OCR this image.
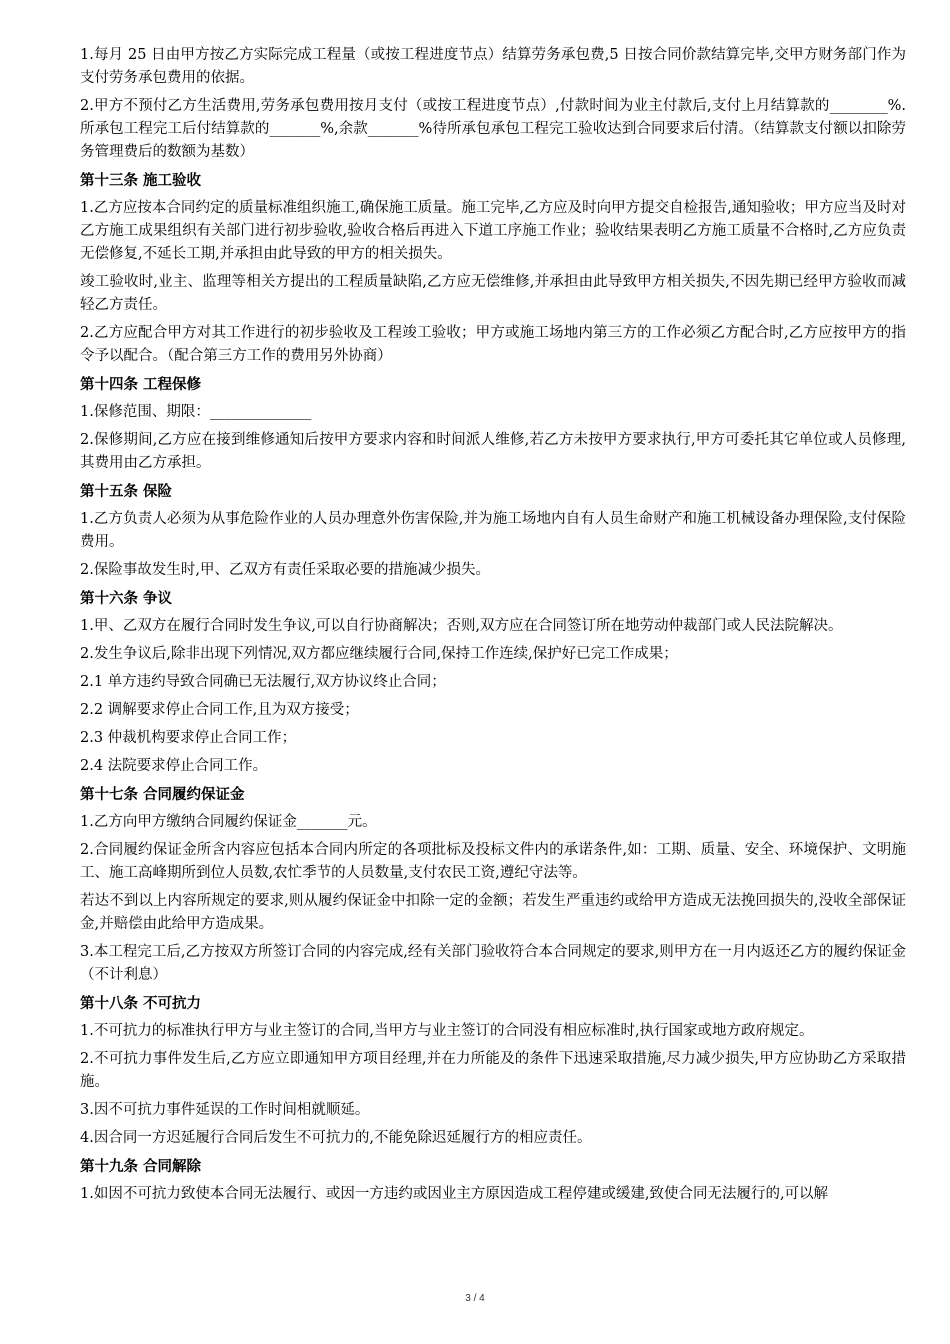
1.每月 25 日由甲方按乙方实际完成工程量（或按工程进度节点）结算劳务承包费,5 日按合同价款结算完毕,交甲方财务部门作为支付劳务承包费用的依据。
2.甲方不预付乙方生活费用,劳务承包费用按月支付（或按工程进度节点）,付款时间为业主付款后,支付上月结算款的________%.所承包工程完工后付结算款的_______%,余款_______%待所承包承包工程完工验收达到合同要求后付清。（结算款支付额以扣除劳务管理费后的数额为基数）
第十三条 施工验收
1.乙方应按本合同约定的质量标准组织施工,确保施工质量。施工完毕,乙方应及时向甲方提交自检报告,通知验收；甲方应当及时对乙方施工成果组织有关部门进行初步验收,验收合格后再进入下道工序施工作业；验收结果表明乙方施工质量不合格时,乙方应负责无偿修复,不延长工期,并承担由此导致的甲方的相关损失。
竣工验收时,业主、监理等相关方提出的工程质量缺陷,乙方应无偿维修,并承担由此导致甲方相关损失,不因先期已经甲方验收而减轻乙方责任。
2.乙方应配合甲方对其工作进行的初步验收及工程竣工验收；甲方或施工场地内第三方的工作必须乙方配合时,乙方应按甲方的指令予以配合。（配合第三方工作的费用另外协商）
第十四条 工程保修
1.保修范围、期限：______________
2.保修期间,乙方应在接到维修通知后按甲方要求内容和时间派人维修,若乙方未按甲方要求执行,甲方可委托其它单位或人员修理,其费用由乙方承担。
第十五条 保险
1.乙方负责人必须为从事危险作业的人员办理意外伤害保险,并为施工场地内自有人员生命财产和施工机械设备办理保险,支付保险费用。
2.保险事故发生时,甲、乙双方有责任采取必要的措施减少损失。
第十六条 争议
1.甲、乙双方在履行合同时发生争议,可以自行协商解决；否则,双方应在合同签订所在地劳动仲裁部门或人民法院解决。
2.发生争议后,除非出现下列情况,双方都应继续履行合同,保持工作连续,保护好已完工作成果；
2.1 单方违约导致合同确已无法履行,双方协议终止合同；
2.2 调解要求停止合同工作,且为双方接受；
2.3 仲裁机构要求停止合同工作；
2.4 法院要求停止合同工作。
第十七条 合同履约保证金
1.乙方向甲方缴纳合同履约保证金_______元。
2.合同履约保证金所含内容应包括本合同内所定的各项批标及投标文件内的承诺条件,如：工期、质量、安全、环境保护、文明施工、施工高峰期所到位人员数,农忙季节的人员数量,支付农民工资,遵纪守法等。
若达不到以上内容所规定的要求,则从履约保证金中扣除一定的金额；若发生严重违约或给甲方造成无法挽回损失的,没收全部保证金,并赔偿由此给甲方造成果。
3.本工程完工后,乙方按双方所签订合同的内容完成,经有关部门验收符合本合同规定的要求,则甲方在一月内返还乙方的履约保证金（不计利息）
第十八条 不可抗力
1.不可抗力的标准执行甲方与业主签订的合同,当甲方与业主签订的合同没有相应标准时,执行国家或地方政府规定。
2.不可抗力事件发生后,乙方应立即通知甲方项目经理,并在力所能及的条件下迅速采取措施,尽力减少损失,甲方应协助乙方采取措施。
3.因不可抗力事件延误的工作时间相就顺延。
4.因合同一方迟延履行合同后发生不可抗力的,不能免除迟延履行方的相应责任。
第十九条 合同解除
1.如因不可抗力致使本合同无法履行、或因一方违约或因业主方原因造成工程停建或缓建,致使合同无法履行的,可以解
3 / 4
